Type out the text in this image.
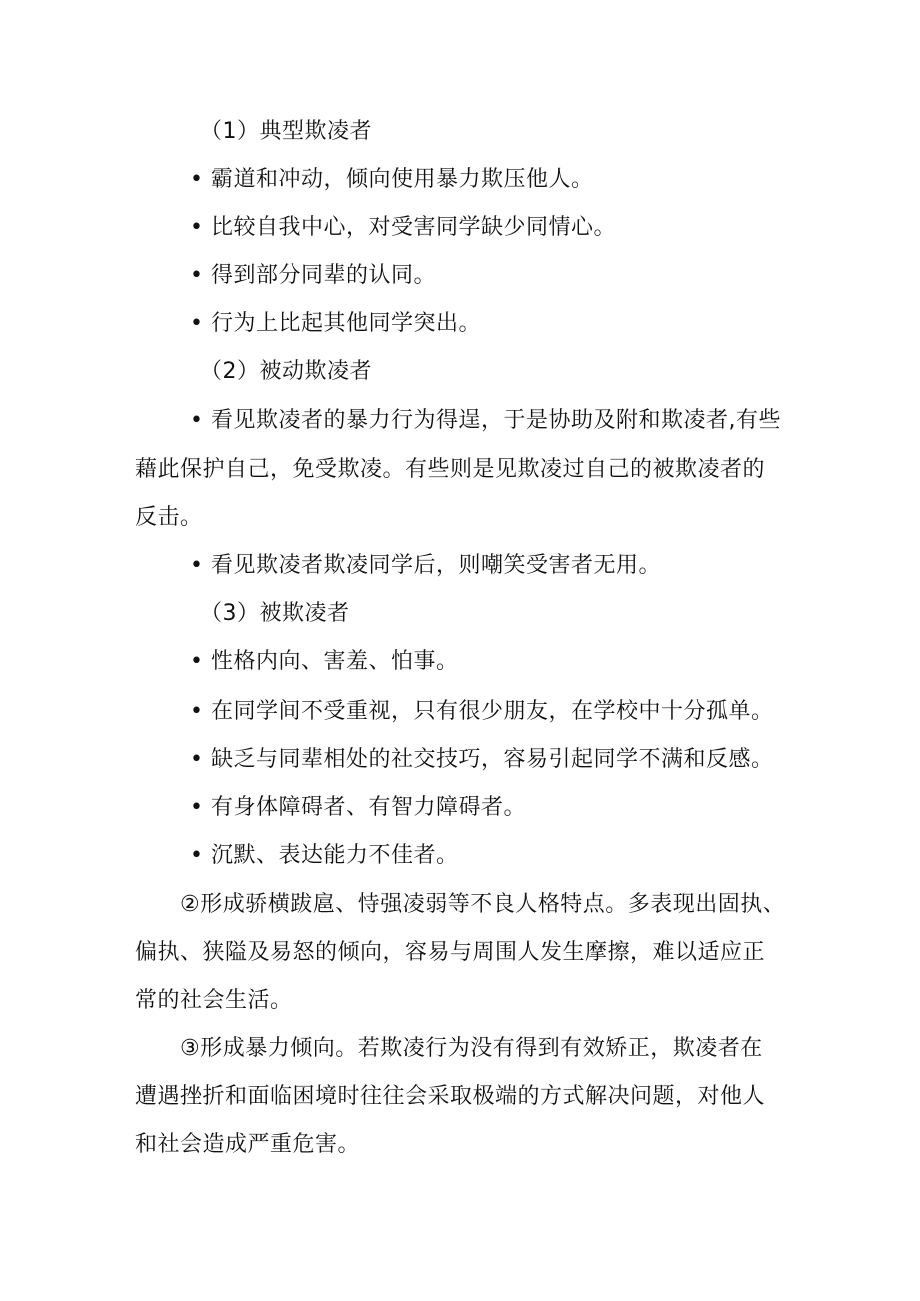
（1）典型欺凌者
• 霸道和冲动，倾向使用暴力欺压他人。
• 比较自我中心，对受害同学缺少同情心。
• 得到部分同辈的认同。
• 行为上比起其他同学突出。
（2）被动欺凌者
• 看见欺凌者的暴力行为得逞，于是协助及附和欺凌者,有些
藉此保护自己，免受欺凌。有些则是见欺凌过自己的被欺凌者的
反击。
• 看见欺凌者欺凌同学后，则嘲笑受害者无用。
（3）被欺凌者
• 性格内向、害羞、怕事。
• 在同学间不受重视，只有很少朋友，在学校中十分孤单。
• 缺乏与同辈相处的社交技巧，容易引起同学不满和反感。
• 有身体障碍者、有智力障碍者。
• 沉默、表达能力不佳者。
②形成骄横跋扈、恃强凌弱等不良人格特点。多表现出固执、
偏执、狭隘及易怒的倾向，容易与周围人发生摩擦，难以适应正
常的社会生活。
③形成暴力倾向。若欺凌行为没有得到有效矫正，欺凌者在
遭遇挫折和面临困境时往往会采取极端的方式解决问题，对他人
和社会造成严重危害。
